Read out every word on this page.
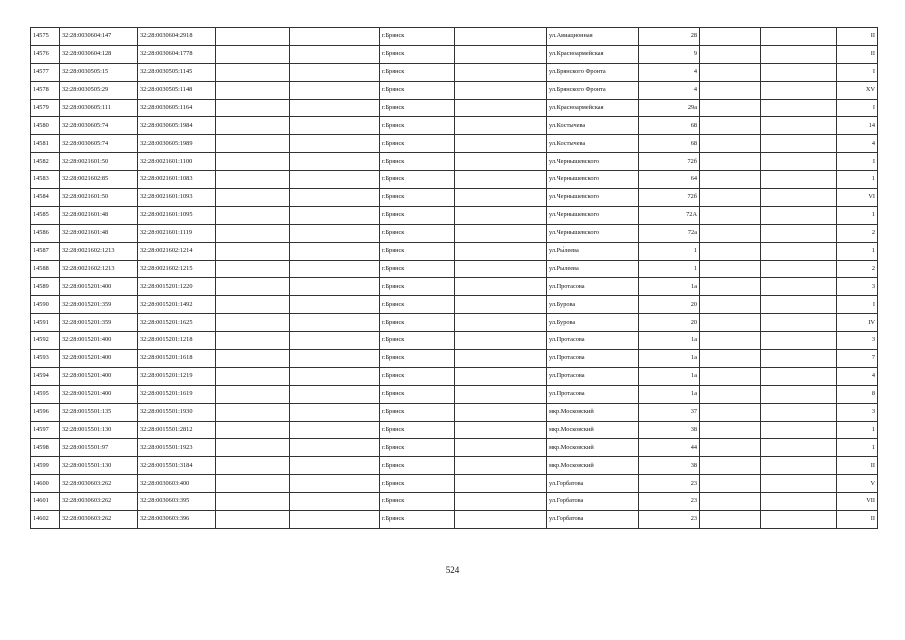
14575	32:28:0030604:147	32:28:0030604:2918			г.Брянск		ул.Авиационная	28			II
14576	32:28:0030604:128	32:28:0030604:1778			г.Брянск		ул.Красноармейская	9			II
14577	32:28:0030505:15	32:28:0030505:1145			г.Брянск		ул.Брянского Фронта	4			I
14578	32:28:0030505:29	32:28:0030505:1148			г.Брянск		ул.Брянского Фронта	4			XV
14579	32:28:0030605:111	32:28:0030605:1164			г.Брянск		ул.Красноармейская	29а			I
14580	32:28:0030605:74	32:28:0030605:1984			г.Брянск		ул.Костычева	68			14
14581	32:28:0030605:74	32:28:0030605:1989			г.Брянск		ул.Костычева	68			4
14582	32:28:0021601:50	32:28:0021601:1100			г.Брянск		ул.Чернышевского	72б			I
14583	32:28:0021602:85	32:28:0021601:1083			г.Брянск		ул.Чернышевского	64			1
14584	32:28:0021601:50	32:28:0021601:1093			г.Брянск		ул.Чернышевского	72б			VI
14585	32:28:0021601:48	32:28:0021601:1095			г.Брянск		ул.Чернышевского	72А			1
14586	32:28:0021601:48	32:28:0021601:1119			г.Брянск		ул.Чернышевского	72а			2
14587	32:28:0021602:1213	32:28:0021602:1214			г.Брянск		ул.Ры́леева	1			1
14588	32:28:0021602:1213	32:28:0021602:1215			г.Брянск		ул.Рылеева	1			2
14589	32:28:0015201:400	32:28:0015201:1220			г.Брянск		ул.Протасова	1а			3
14590	32:28:0015201:359	32:28:0015201:1492			г.Брянск		ул.Бурова	20			I
14591	32:28:0015201:359	32:28:0015201:1625			г.Брянск		ул.Бурова	20			IV
14592	32:28:0015201:400	32:28:0015201:1218			г.Брянск		ул.Протасова	1а			3
14593	32:28:0015201:400	32:28:0015201:1618			г.Брянск		ул.Протасова	1а			7
14594	32:28:0015201:400	32:28:0015201:1219			г.Брянск		ул.Протасова	1а			4
14595	32:28:0015201:400	32:28:0015201:1619			г.Брянск		ул.Протасова	1а			8
14596	32:28:0015501:135	32:28:0015501:1930			г.Брянск		мкр.Московский	37			3
14597	32:28:0015501:130	32:28:0015501:2812			г.Брянск		мкр.Московский	38			1
14598	32:28:0015501:97	32:28:0015501:1923			г.Брянск		мкр.Московский	44			1
14599	32:28:0015501:130	32:28:0015501:3184			г.Брянск		мкр.Московский	38			II
14600	32:28:0030603:262	32:28:0030603:400			г.Брянск		ул.Горбатова	23			V
14601	32:28:0030603:262	32:28:0030603:395			г.Брянск		ул.Горбатова	23			VII
14602	32:28:0030603:262	32:28:0030603:396			г.Брянск		ул.Горбатова	23			II
524
